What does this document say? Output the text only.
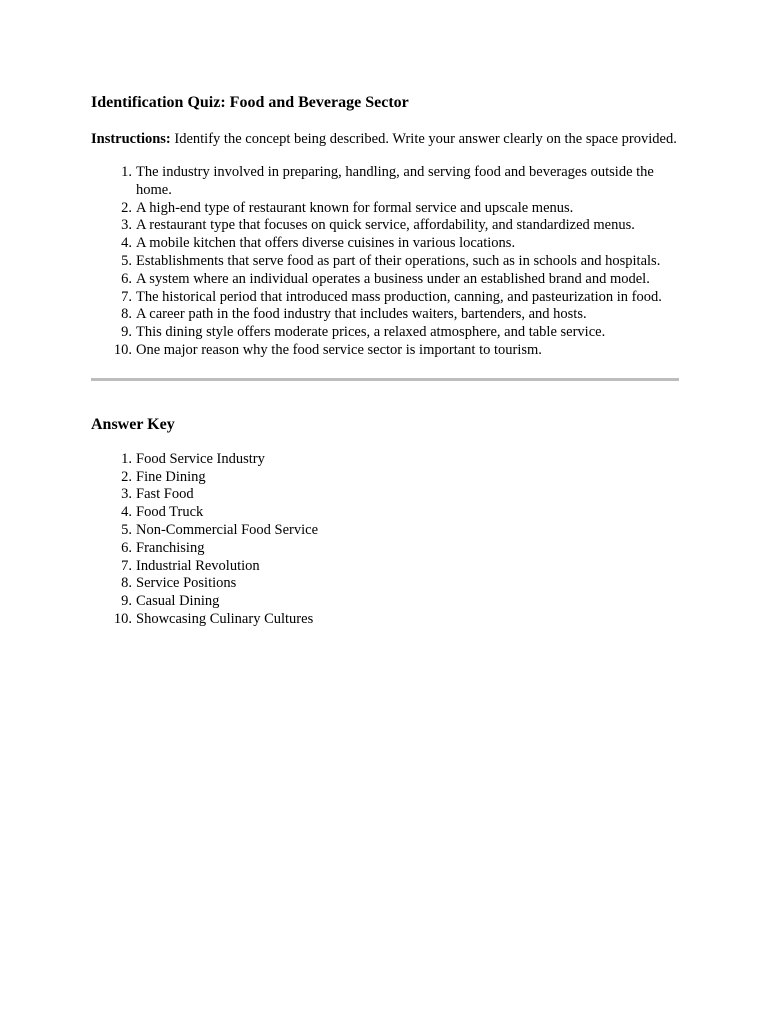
Identification Quiz: Food and Beverage Sector

Instructions: Identify the concept being described. Write your answer clearly on the space provided.

1. The industry involved in preparing, handling, and serving food and beverages outside the home.
2. A high-end type of restaurant known for formal service and upscale menus.
3. A restaurant type that focuses on quick service, affordability, and standardized menus.
4. A mobile kitchen that offers diverse cuisines in various locations.
5. Establishments that serve food as part of their operations, such as in schools and hospitals.
6. A system where an individual operates a business under an established brand and model.
7. The historical period that introduced mass production, canning, and pasteurization in food.
8. A career path in the food industry that includes waiters, bartenders, and hosts.
9. This dining style offers moderate prices, a relaxed atmosphere, and table service.
10. One major reason why the food service sector is important to tourism.
Answer Key
1. Food Service Industry
2. Fine Dining
3. Fast Food
4. Food Truck
5. Non-Commercial Food Service
6. Franchising
7. Industrial Revolution
8. Service Positions
9. Casual Dining
10. Showcasing Culinary Cultures
